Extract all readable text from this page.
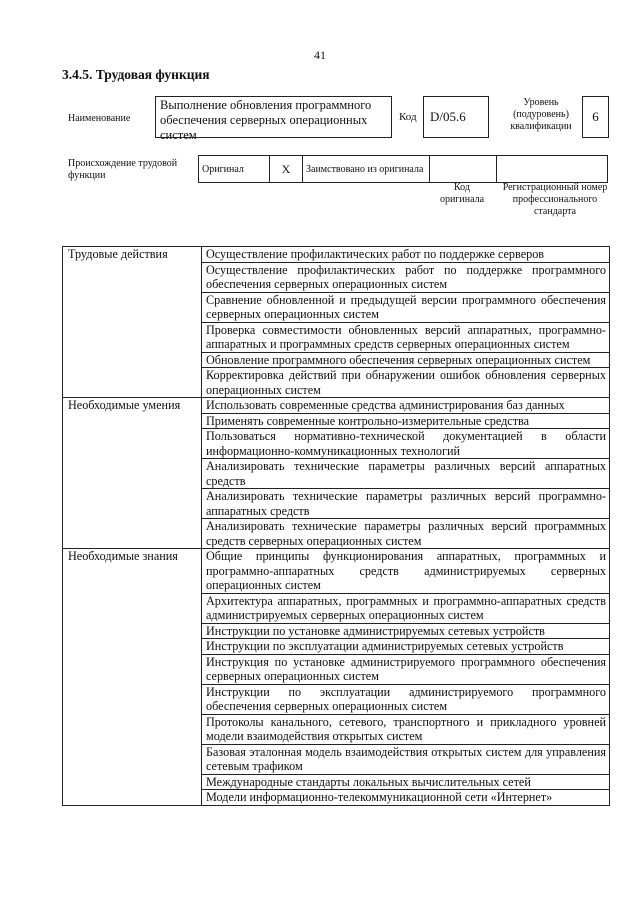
41
3.4.5. Трудовая функция
Наименование
Выполнение обновления программного обеспечения серверных операционных систем
Код	D/05.6
Уровень (подуровень) квалификации
6
Происхождение трудовой функции
Оригинал	X	Заимствовано из оригинала		
Код оригинала
Регистрационный номер профессионального стандарта
Трудовые действия	Осуществление профилактических работ по поддержке серверов
	Осуществление профилактических работ по поддержке программного обеспечения серверных операционных систем
	Сравнение обновленной и предыдущей версии программного обеспечения серверных операционных систем
	Проверка совместимости обновленных версий аппаратных, программно-аппаратных и программных средств серверных операционных систем
	Обновление программного обеспечения серверных операционных систем
	Корректировка действий при обнаружении ошибок обновления серверных операционных систем
Необходимые умения	Использовать современные средства администрирования баз данных
	Применять современные контрольно-измерительные средства
	Пользоваться нормативно-технической документацией в области информационно-коммуникационных технологий
	Анализировать технические параметры различных версий аппаратных средств
	Анализировать технические параметры различных версий программно-аппаратных средств
	Анализировать технические параметры различных версий программных средств серверных операционных систем
Необходимые знания	Общие принципы функционирования аппаратных, программных и программно-аппаратных средств администрируемых серверных операционных систем
	Архитектура аппаратных, программных и программно-аппаратных средств администрируемых серверных операционных систем
	Инструкции по установке администрируемых сетевых устройств
	Инструкции по эксплуатации администрируемых сетевых устройств
	Инструкция по установке администрируемого программного обеспечения серверных операционных систем
	Инструкции по эксплуатации администрируемого программного обеспечения серверных операционных систем
	Протоколы канального, сетевого, транспортного и прикладного уровней модели взаимодействия открытых систем
	Базовая эталонная модель взаимодействия открытых систем для управления сетевым трафиком
	Международные стандарты локальных вычислительных сетей
	Модели информационно-телекоммуникационной сети «Интернет»
